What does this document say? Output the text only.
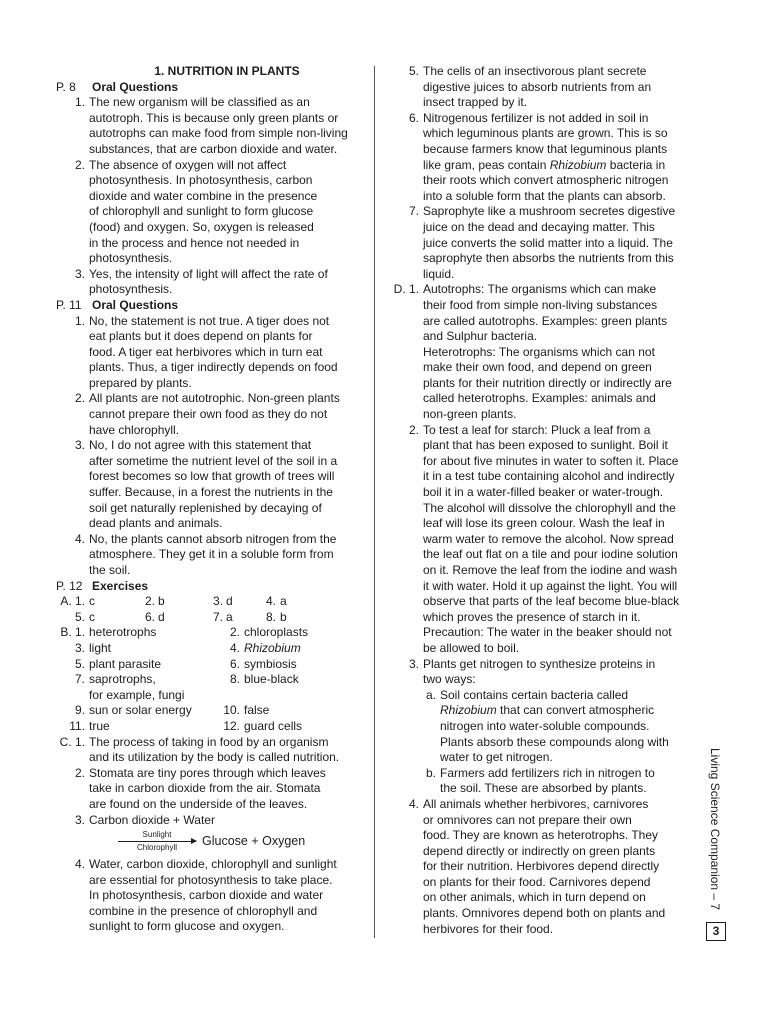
1. NUTRITION IN PLANTS
P. 8	Oral Questions
1. The new organism will be classified as an
autotroph. This is because only green plants or
autotrophs can make food from simple non-living
substances, that are carbon dioxide and water.
2. The absence of oxygen will not affect
photosynthesis. In photosynthesis, carbon
dioxide and water combine in the presence
of chlorophyll and sunlight to form glucose
(food) and oxygen. So, oxygen is released
in the process and hence not needed in
photosynthesis.
3. Yes, the intensity of light will affect the rate of
photosynthesis.
P. 11 Oral Questions
1. No, the statement is not true. A tiger does not
eat plants but it does depend on plants for
food. A tiger eat herbivores which in turn eat
plants. Thus, a tiger indirectly depends on food
prepared by plants.
2. All plants are not autotrophic. Non-green plants
cannot prepare their own food as they do not
have chlorophyll.
3. No, I do not agree with this statement that
after sometime the nutrient level of the soil in a
forest becomes so low that growth of trees will
suffer. Because, in a forest the nutrients in the
soil get naturally replenished by decaying of
dead plants and animals.
4. No, the plants cannot absorb nitrogen from the
atmosphere. They get it in a soluble form from
the soil.
P. 12 Exercises
A. 1. c	2. b	3. d	4. a
5. c	6. d	7. a	8. b
B. 1. heterotrophs	2. chloroplasts
3. light	4. Rhizobium
5. plant parasite	6. symbiosis
7. saprotrophs,	8. blue-black
for example, fungi
9. sun or solar energy	10. false
11. true	12. guard cells
C. 1. The process of taking in food by an organism
and its utilization by the body is called nutrition.
2. Stomata are tiny pores through which leaves
take in carbon dioxide from the air. Stomata
are found on the underside of the leaves.
3. Carbon dioxide + Water
Sunlight
Chlorophyll Glucose + Oxygen
4. Water, carbon dioxide, chlorophyll and sunlight
are essential for photosynthesis to take place.
In photosynthesis, carbon dioxide and water
combine in the presence of chlorophyll and
sunlight to form glucose and oxygen.
5. The cells of an insectivorous plant secrete
digestive juices to absorb nutrients from an
insect trapped by it.
6. Nitrogenous fertilizer is not added in soil in
which leguminous plants are grown. This is so
because farmers know that leguminous plants
like gram, peas contain Rhizobium bacteria in
their roots which convert atmospheric nitrogen
into a soluble form that the plants can absorb.
7. Saprophyte like a mushroom secretes digestive
juice on the dead and decaying matter. This
juice converts the solid matter into a liquid. The
saprophyte then absorbs the nutrients from this
liquid.
D. 1. Autotrophs: The organisms which can make
their food from simple non-living substances
are called autotrophs. Examples: green plants
and Sulphur bacteria.
Heterotrophs: The organisms which can not
make their own food, and depend on green
plants for their nutrition directly or indirectly are
called heterotrophs. Examples: animals and
non-green plants.
2. To test a leaf for starch: Pluck a leaf from a
plant that has been exposed to sunlight. Boil it
for about five minutes in water to soften it. Place
it in a test tube containing alcohol and indirectly
boil it in a water-filled beaker or water-trough.
The alcohol will dissolve the chlorophyll and the
leaf will lose its green colour. Wash the leaf in
warm water to remove the alcohol. Now spread
the leaf out flat on a tile and pour iodine solution
on it. Remove the leaf from the iodine and wash
it with water. Hold it up against the light. You will
observe that parts of the leaf become blue-black
which proves the presence of starch in it.
Precaution: The water in the beaker should not
be allowed to boil.
3. Plants get nitrogen to synthesize proteins in
two ways:
a. Soil contains certain bacteria called
Rhizobium that can convert atmospheric
nitrogen into water-soluble compounds.
Plants absorb these compounds along with
water to get nitrogen.
b. Farmers add fertilizers rich in nitrogen to
the soil. These are absorbed by plants.
4. All animals whether herbivores, carnivores
or omnivores can not prepare their own
food. They are known as heterotrophs. They
depend directly or indirectly on green plants
for their nutrition. Herbivores depend directly
on plants for their food. Carnivores depend
on other animals, which in turn depend on
plants. Omnivores depend both on plants and
herbivores for their food.
Living Science Companion – 7
3
